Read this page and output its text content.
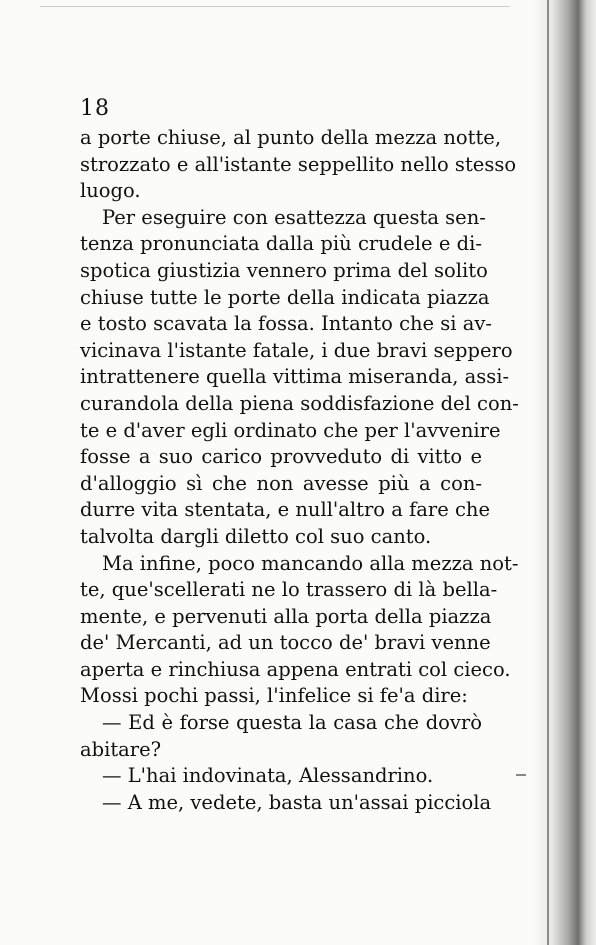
18
a porte chiuse, al punto della mezza notte,
strozzato e all'istante seppellito nello stesso
luogo.
Per eseguire con esattezza questa sen-
tenza pronunciata dalla più crudele e di-
spotica giustizia vennero prima del solito
chiuse tutte le porte della indicata piazza
e tosto scavata la fossa. Intanto che si av-
vicinava l'istante fatale, i due bravi seppero
intrattenere quella vittima miseranda, assi-
curandola della piena soddisfazione del con-
te e d'aver egli ordinato che per l'avvenire
fosse a suo carico provveduto di vitto e
d'alloggio sì che non avesse più a con-
durre vita stentata, e null'altro a fare che
talvolta dargli diletto col suo canto.
Ma infine, poco mancando alla mezza not-
te, que'scellerati ne lo trassero di là bella-
mente, e pervenuti alla porta della piazza
de' Mercanti, ad un tocco de' bravi venne
aperta e rinchiusa appena entrati col cieco.
Mossi pochi passi, l'infelice si fe'a dire:
— Ed è forse questa la casa che dovrò
abitare?
— L'hai indovinata, Alessandrino.
— A me, vedete, basta un'assai picciola
